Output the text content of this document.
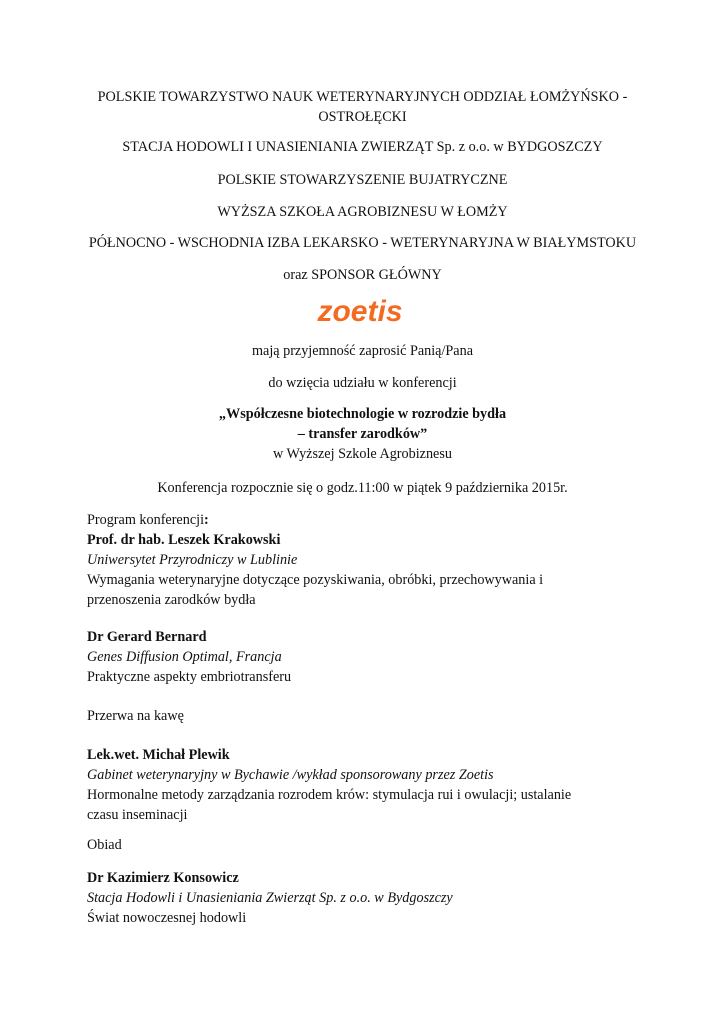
POLSKIE TOWARZYSTWO NAUK WETERYNARYJNYCH ODDZIAŁ ŁOMŻYŃSKO -
OSTROŁĘCKI
STACJA HODOWLI I UNASIENIANIA ZWIERZĄT Sp. z o.o. w BYDGOSZCZY
POLSKIE STOWARZYSZENIE BUJATRYCZNE
WYŻSZA SZKOŁA AGROBIZNESU W ŁOMŻY
PÓŁNOCNO - WSCHODNIA IZBA LEKARSKO - WETERYNARYJNA W BIAŁYMSTOKU
oraz SPONSOR GŁÓWNY
zoetis
mają przyjemność zaprosić Panią/Pana
do wzięcia udziału w konferencji
„Współczesne biotechnologie w rozrodzie bydła
– transfer zarodków”
w Wyższej Szkole Agrobiznesu
Konferencja rozpocznie się o godz.11:00 w piątek 9 października 2015r.
Program konferencji:
Prof. dr hab. Leszek Krakowski
Uniwersytet Przyrodniczy w Lublinie
Wymagania weterynaryjne dotyczące pozyskiwania, obróbki, przechowywania i
przenoszenia zarodków bydła
Dr Gerard Bernard
Genes Diffusion Optimal, Francja
Praktyczne aspekty embriotransferu
Przerwa na kawę
Lek.wet. Michał Plewik
Gabinet weterynaryjny w Bychawie /wykład sponsorowany przez Zoetis
Hormonalne metody zarządzania rozrodem krów: stymulacja rui i owulacji; ustalanie
czasu inseminacji
Obiad
Dr Kazimierz Konsowicz
Stacja Hodowli i Unasieniania Zwierząt Sp. z o.o. w Bydgoszczy
Świat nowoczesnej hodowli
